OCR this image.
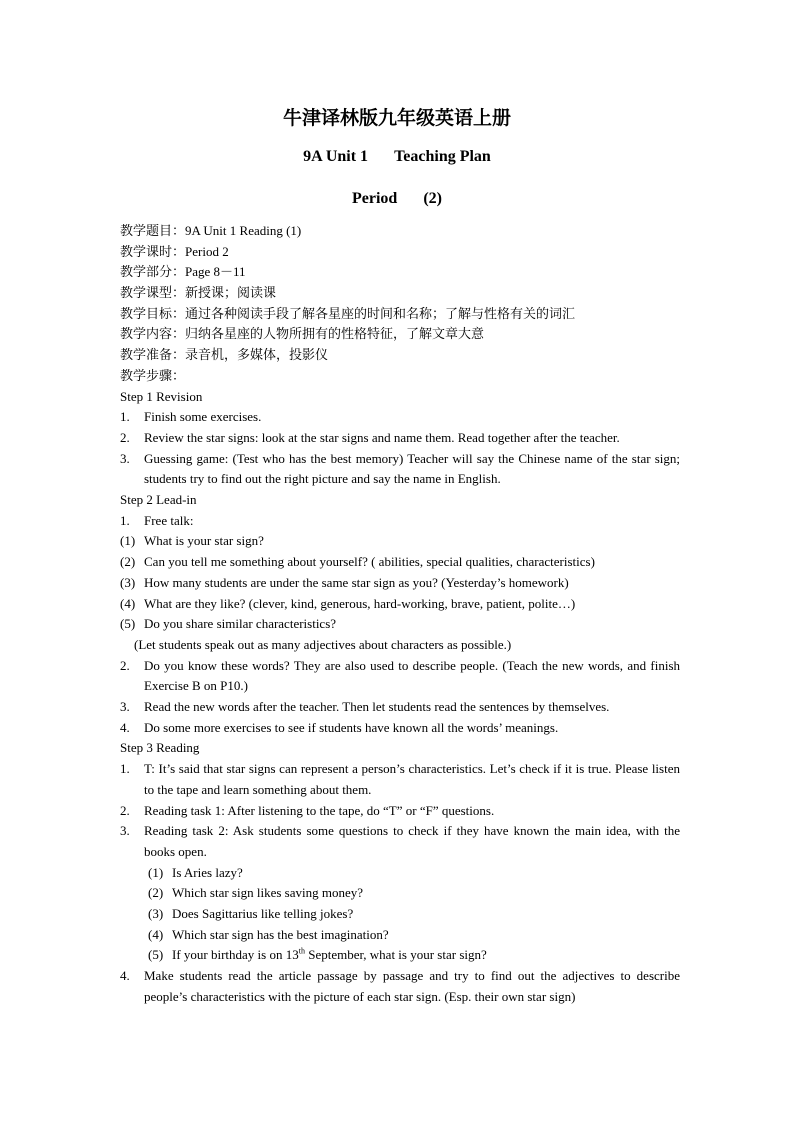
牛津译林版九年级英语上册
9A Unit 1 Teaching Plan
Period (2)
教学题目：9A Unit 1 Reading (1)
教学课时：Period 2
教学部分：Page 8－11
教学课型：新授课；阅读课
教学目标：通过各种阅读手段了解各星座的时间和名称；了解与性格有关的词汇
教学内容：归纳各星座的人物所拥有的性格特征，了解文章大意
教学准备：录音机，多媒体，投影仪
教学步骤：
Step 1 Revision
1. Finish some exercises.
2. Review the star signs: look at the star signs and name them. Read together after the teacher.
3. Guessing game: (Test who has the best memory) Teacher will say the Chinese name of the star sign; students try to find out the right picture and say the name in English.
Step 2 Lead-in
1. Free talk:
(1) What is your star sign?
(2) Can you tell me something about yourself? ( abilities, special qualities, characteristics)
(3) How many students are under the same star sign as you? (Yesterday’s homework)
(4) What are they like? (clever, kind, generous, hard-working, brave, patient, polite…)
(5) Do you share similar characteristics?
(Let students speak out as many adjectives about characters as possible.)
2. Do you know these words? They are also used to describe people. (Teach the new words, and finish Exercise B on P10.)
3. Read the new words after the teacher. Then let students read the sentences by themselves.
4. Do some more exercises to see if students have known all the words’ meanings.
Step 3 Reading
1. T: It’s said that star signs can represent a person’s characteristics. Let’s check if it is true. Please listen to the tape and learn something about them.
2. Reading task 1: After listening to the tape, do “T” or “F” questions.
3. Reading task 2: Ask students some questions to check if they have known the main idea, with the books open.
(1) Is Aries lazy?
(2) Which star sign likes saving money?
(3) Does Sagittarius like telling jokes?
(4) Which star sign has the best imagination?
(5) If your birthday is on 13th September, what is your star sign?
4. Make students read the article passage by passage and try to find out the adjectives to describe people’s characteristics with the picture of each star sign. (Esp. their own star sign)
